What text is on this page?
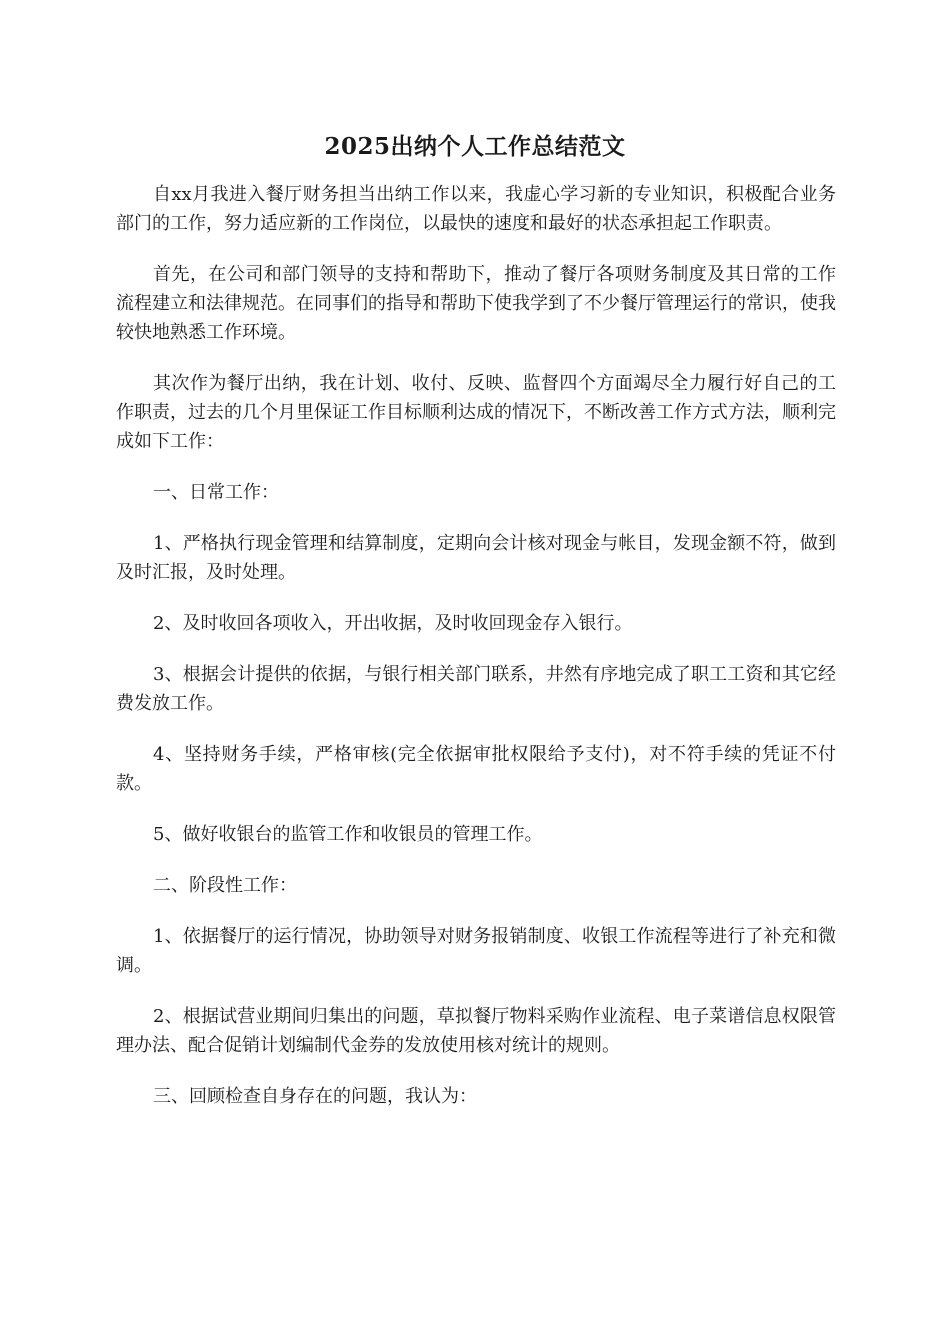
2025出纳个人工作总结范文

自xx月我进入餐厅财务担当出纳工作以来，我虚心学习新的专业知识，积极配合业务部门的工作，努力适应新的工作岗位，以最快的速度和最好的状态承担起工作职责。

首先，在公司和部门领导的支持和帮助下，推动了餐厅各项财务制度及其日常的工作流程建立和法律规范。在同事们的指导和帮助下使我学到了不少餐厅管理运行的常识，使我较快地熟悉工作环境。

其次作为餐厅出纳，我在计划、收付、反映、监督四个方面竭尽全力履行好自己的工作职责，过去的几个月里保证工作目标顺利达成的情况下，不断改善工作方式方法，顺利完成如下工作：

一、日常工作：

1、严格执行现金管理和结算制度，定期向会计核对现金与帐目，发现金额不符，做到及时汇报，及时处理。

2、及时收回各项收入，开出收据，及时收回现金存入银行。

3、根据会计提供的依据，与银行相关部门联系，井然有序地完成了职工工资和其它经费发放工作。

4、坚持财务手续，严格审核(完全依据审批权限给予支付)，对不符手续的凭证不付款。

5、做好收银台的监管工作和收银员的管理工作。

二、阶段性工作：

1、依据餐厅的运行情况，协助领导对财务报销制度、收银工作流程等进行了补充和微调。

2、根据试营业期间归集出的问题，草拟餐厅物料采购作业流程、电子菜谱信息权限管理办法、配合促销计划编制代金券的发放使用核对统计的规则。

三、回顾检查自身存在的问题，我认为：
